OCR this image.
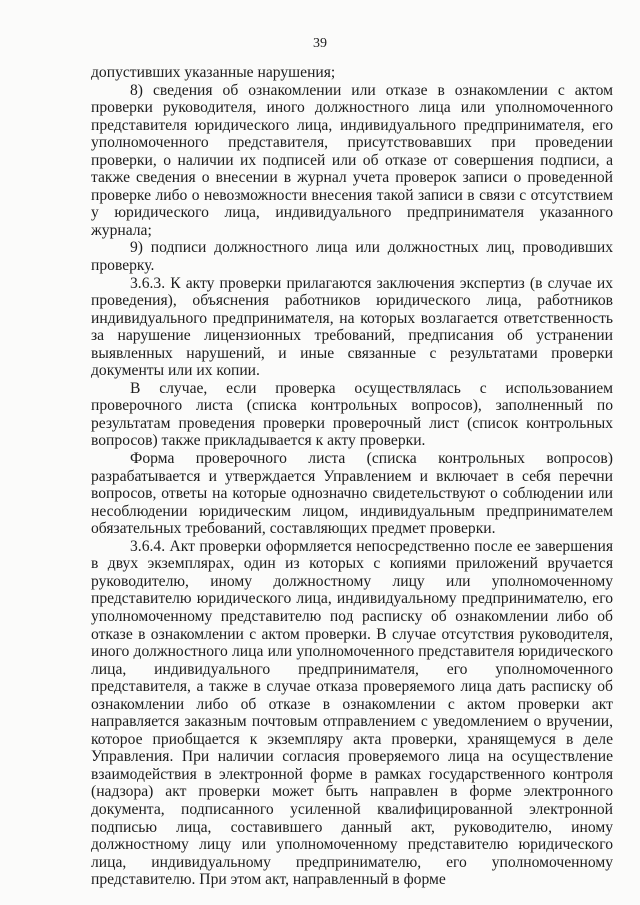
39

допустивших указанные нарушения;

8) сведения об ознакомлении или отказе в ознакомлении с актом проверки руководителя, иного должностного лица или уполномоченного представителя юридического лица, индивидуального предпринимателя, его уполномоченного представителя, присутствовавших при проведении проверки, о наличии их подписей или об отказе от совершения подписи, а также сведения о внесении в журнал учета проверок записи о проведенной проверке либо о невозможности внесения такой записи в связи с отсутствием у юридического лица, индивидуального предпринимателя указанного журнала;

9) подписи должностного лица или должностных лиц, проводивших проверку.

3.6.3. К акту проверки прилагаются заключения экспертиз (в случае их проведения), объяснения работников юридического лица, работников индивидуального предпринимателя, на которых возлагается ответственность за нарушение лицензионных требований, предписания об устранении выявленных нарушений, и иные связанные с результатами проверки документы или их копии.

В случае, если проверка осуществлялась с использованием проверочного листа (списка контрольных вопросов), заполненный по результатам проведения проверки проверочный лист (список контрольных вопросов) также прикладывается к акту проверки.

Форма проверочного листа (списка контрольных вопросов) разрабатывается и утверждается Управлением и включает в себя перечни вопросов, ответы на которые однозначно свидетельствуют о соблюдении или несоблюдении юридическим лицом, индивидуальным предпринимателем обязательных требований, составляющих предмет проверки.

3.6.4. Акт проверки оформляется непосредственно после ее завершения в двух экземплярах, один из которых с копиями приложений вручается руководителю, иному должностному лицу или уполномоченному представителю юридического лица, индивидуальному предпринимателю, его уполномоченному представителю под расписку об ознакомлении либо об отказе в ознакомлении с актом проверки. В случае отсутствия руководителя, иного должностного лица или уполномоченного представителя юридического лица, индивидуального предпринимателя, его уполномоченного представителя, а также в случае отказа проверяемого лица дать расписку об ознакомлении либо об отказе в ознакомлении с актом проверки акт направляется заказным почтовым отправлением с уведомлением о вручении, которое приобщается к экземпляру акта проверки, хранящемуся в деле Управления. При наличии согласия проверяемого лица на осуществление взаимодействия в электронной форме в рамках государственного контроля (надзора) акт проверки может быть направлен в форме электронного документа, подписанного усиленной квалифицированной электронной подписью лица, составившего данный акт, руководителю, иному должностному лицу или уполномоченному представителю юридического лица, индивидуальному предпринимателю, его уполномоченному представителю. При этом акт, направленный в форме
